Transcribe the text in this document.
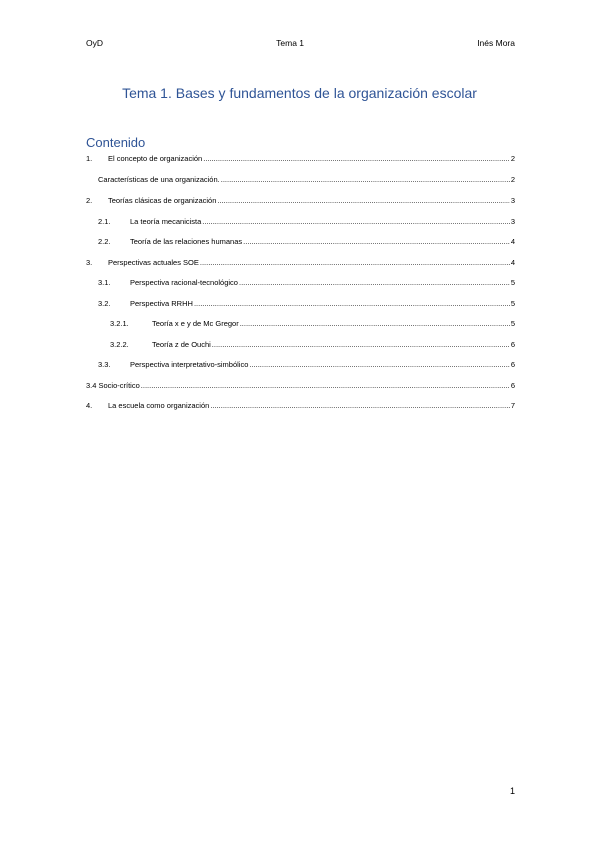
OyD	Tema 1	Inés Mora
Tema 1. Bases y fundamentos de la organización escolar
Contenido
1.	El concepto de organización .....	2
Características de una organización. .....	2
2.	Teorías clásicas de organización .....	3
2.1.	La teoría mecanicista .....	3
2.2.	Teoría de las relaciones humanas .....	4
3.	Perspectivas actuales SOE .....	4
3.1.	Perspectiva racional-tecnológico .....	5
3.2.	Perspectiva RRHH .....	5
3.2.1.	Teoría x e y de Mc Gregor .....	5
3.2.2.	Teoría z de Ouchi .....	6
3.3.	Perspectiva interpretativo-simbólico .....	6
3.4 Socio-crítico .....	6
4.	La escuela como organización .....	7
1
